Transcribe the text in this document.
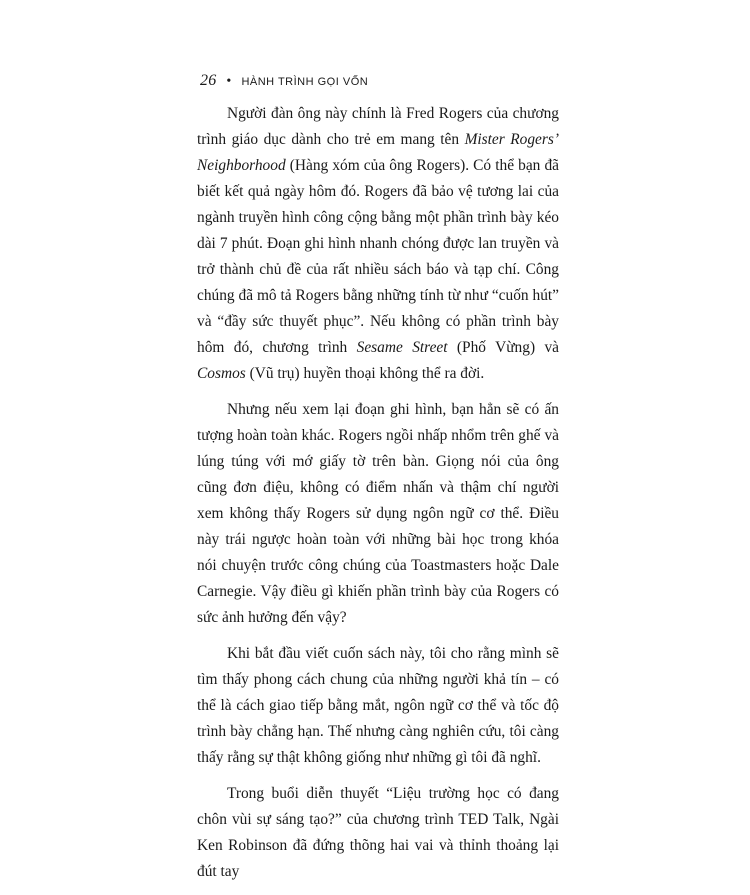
26 • HÀNH TRÌNH GỌI VỐN

Người đàn ông này chính là Fred Rogers của chương trình giáo dục dành cho trẻ em mang tên Mister Rogers’ Neighborhood (Hàng xóm của ông Rogers). Có thể bạn đã biết kết quả ngày hôm đó. Rogers đã bảo vệ tương lai của ngành truyền hình công cộng bằng một phần trình bày kéo dài 7 phút. Đoạn ghi hình nhanh chóng được lan truyền và trở thành chủ đề của rất nhiều sách báo và tạp chí. Công chúng đã mô tả Rogers bằng những tính từ như “cuốn hút” và “đầy sức thuyết phục”. Nếu không có phần trình bày hôm đó, chương trình Sesame Street (Phố Vừng) và Cosmos (Vũ trụ) huyền thoại không thể ra đời.

Nhưng nếu xem lại đoạn ghi hình, bạn hẳn sẽ có ấn tượng hoàn toàn khác. Rogers ngồi nhấp nhổm trên ghế và lúng túng với mớ giấy tờ trên bàn. Giọng nói của ông cũng đơn điệu, không có điểm nhấn và thậm chí người xem không thấy Rogers sử dụng ngôn ngữ cơ thể. Điều này trái ngược hoàn toàn với những bài học trong khóa nói chuyện trước công chúng của Toastmasters hoặc Dale Carnegie. Vậy điều gì khiến phần trình bày của Rogers có sức ảnh hưởng đến vậy?

Khi bắt đầu viết cuốn sách này, tôi cho rằng mình sẽ tìm thấy phong cách chung của những người khả tín – có thể là cách giao tiếp bằng mắt, ngôn ngữ cơ thể và tốc độ trình bày chẳng hạn. Thế nhưng càng nghiên cứu, tôi càng thấy rằng sự thật không giống như những gì tôi đã nghĩ.

Trong buổi diễn thuyết “Liệu trường học có đang chôn vùi sự sáng tạo?” của chương trình TED Talk, Ngài Ken Robinson đã đứng thõng hai vai và thỉnh thoảng lại đút tay
